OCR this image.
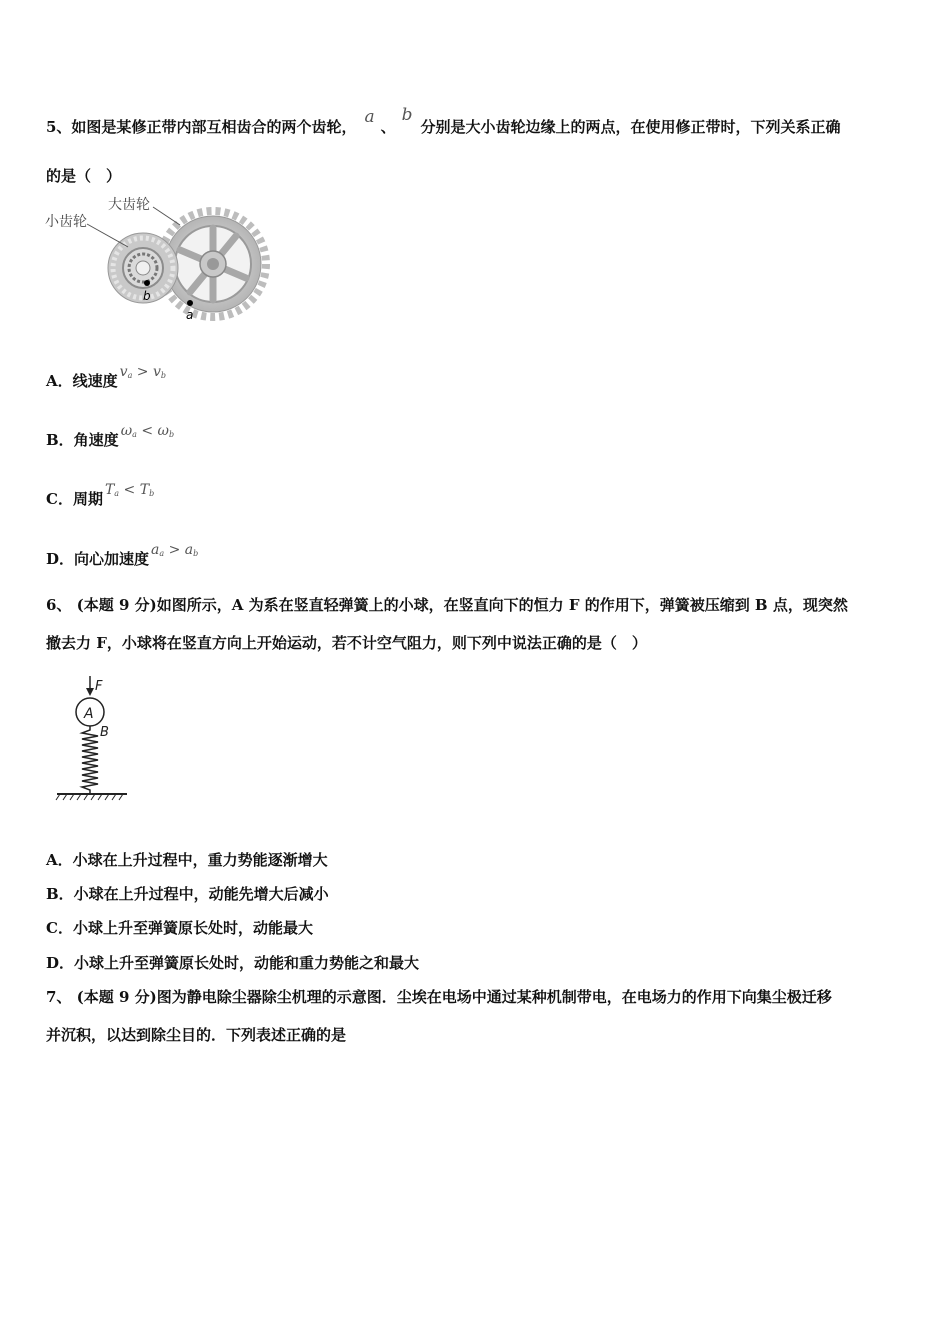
5、如图是某修正带内部互相齿合的两个齿轮， a 、b分别是大小齿轮边缘上的两点，在使用修正带时，下列关系正确
的是（　）
大齿轮
小齿轮
b
a
A．线速度 $v_a > v_b$
B．角速度 $\omega_a < \omega_b$
C．周期 $T_a < T_b$
D．向心加速度 $a_a > a_b$
6、 (本题 9 分)如图所示，A 为系在竖直轻弹簧上的小球，在竖直向下的恒力 F 的作用下，弹簧被压缩到 B 点，现突然
撤去力 F，小球将在竖直方向上开始运动，若不计空气阻力，则下列中说法正确的是（　）
F
A
B
A．小球在上升过程中，重力势能逐渐增大
B．小球在上升过程中，动能先增大后减小
C．小球上升至弹簧原长处时，动能最大
D．小球上升至弹簧原长处时，动能和重力势能之和最大
7、 (本题 9 分)图为静电除尘器除尘机理的示意图．尘埃在电场中通过某种机制带电，在电场力的作用下向集尘极迁移
并沉积，以达到除尘目的．下列表述正确的是
